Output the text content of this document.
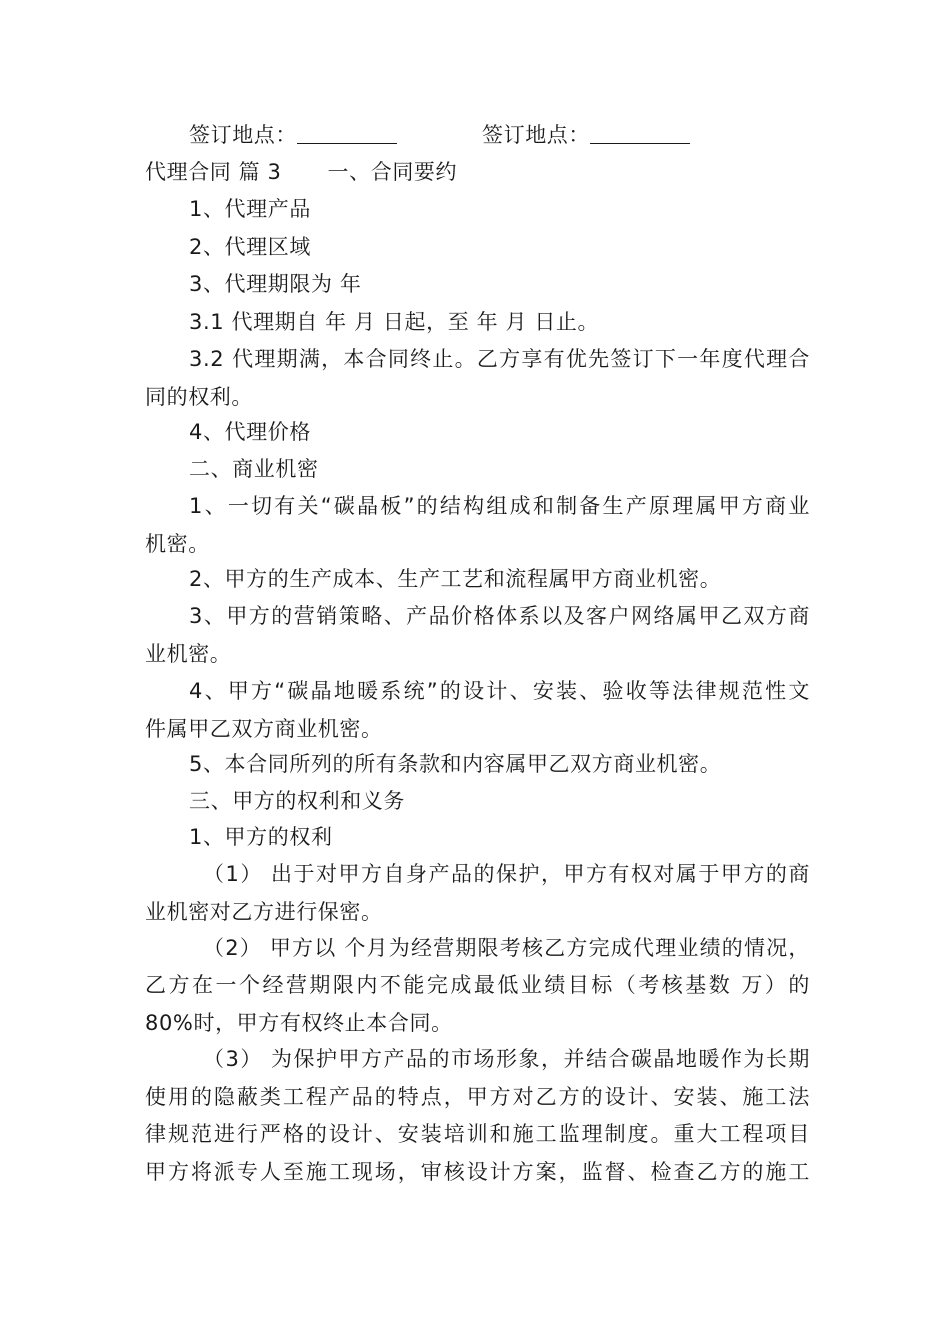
签订地点：	签订地点：
代理合同 篇 3 一、合同要约
1、代理产品
2、代理区域
3、代理期限为 年
3.1 代理期自 年 月 日起，至 年 月 日止。
3.2 代理期满，本合同终止。乙方享有优先签订下一年度代理合
同的权利。
4、代理价格
二、商业机密
1、一切有关“碳晶板”的结构组成和制备生产原理属甲方商业
机密。
2、甲方的生产成本、生产工艺和流程属甲方商业机密。
3、甲方的营销策略、产品价格体系以及客户网络属甲乙双方商
业机密。
4、甲方“碳晶地暖系统”的设计、安装、验收等法律规范性文
件属甲乙双方商业机密。
5、本合同所列的所有条款和内容属甲乙双方商业机密。
三、甲方的权利和义务
1、甲方的权利
（1） 出于对甲方自身产品的保护，甲方有权对属于甲方的商
业机密对乙方进行保密。
（2） 甲方以 个月为经营期限考核乙方完成代理业绩的情况，
乙方在一个经营期限内不能完成最低业绩目标（考核基数 万）的
80%时，甲方有权终止本合同。
（3） 为保护甲方产品的市场形象，并结合碳晶地暖作为长期
使用的隐蔽类工程产品的特点，甲方对乙方的设计、安装、施工法
律规范进行严格的设计、安装培训和施工监理制度。重大工程项目
甲方将派专人至施工现场，审核设计方案，监督、检查乙方的施工
